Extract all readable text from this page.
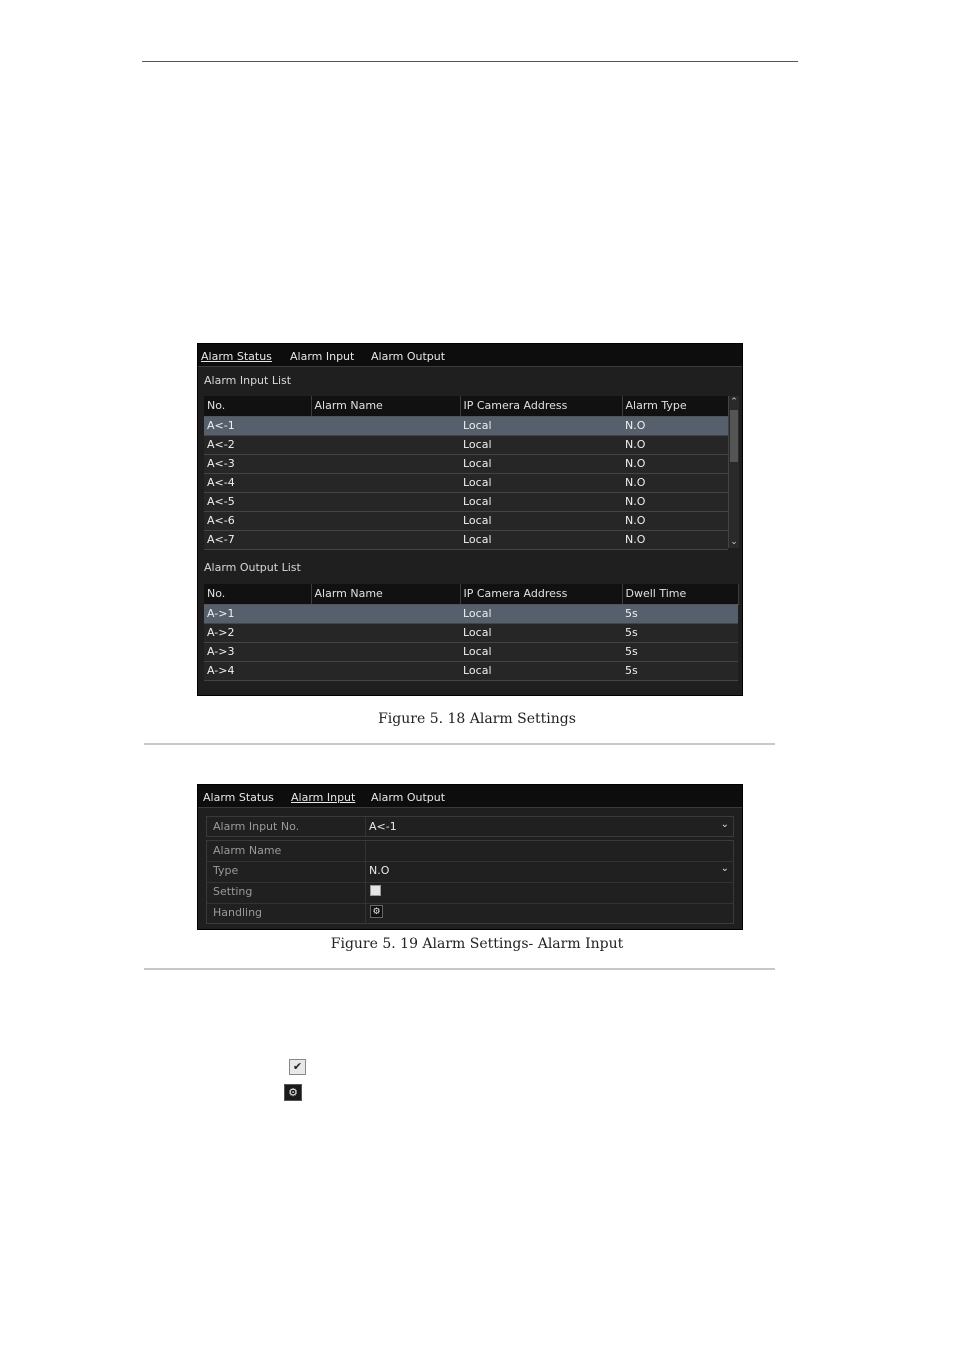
Alarm Status Alarm Input Alarm Output
Alarm Input List
No.	Alarm Name	IP Camera Address	Alarm Type
A<-1		Local	N.O
A<-2		Local	N.O
A<-3		Local	N.O
A<-4		Local	N.O
A<-5		Local	N.O
A<-6		Local	N.O
A<-7		Local	N.O
⌃
⌄
Alarm Output List
No.	Alarm Name	IP Camera Address	Dwell Time
A->1		Local	5s
A->2		Local	5s
A->3		Local	5s
A->4		Local	5s
Figure 5. 18 Alarm Settings
Alarm Status Alarm Input Alarm Output
Alarm Input No.	A<-1	⌄
Alarm Name
Type	N.O	⌄
Setting
Handling	⚙
Figure 5. 19 Alarm Settings- Alarm Input
✔
⚙
